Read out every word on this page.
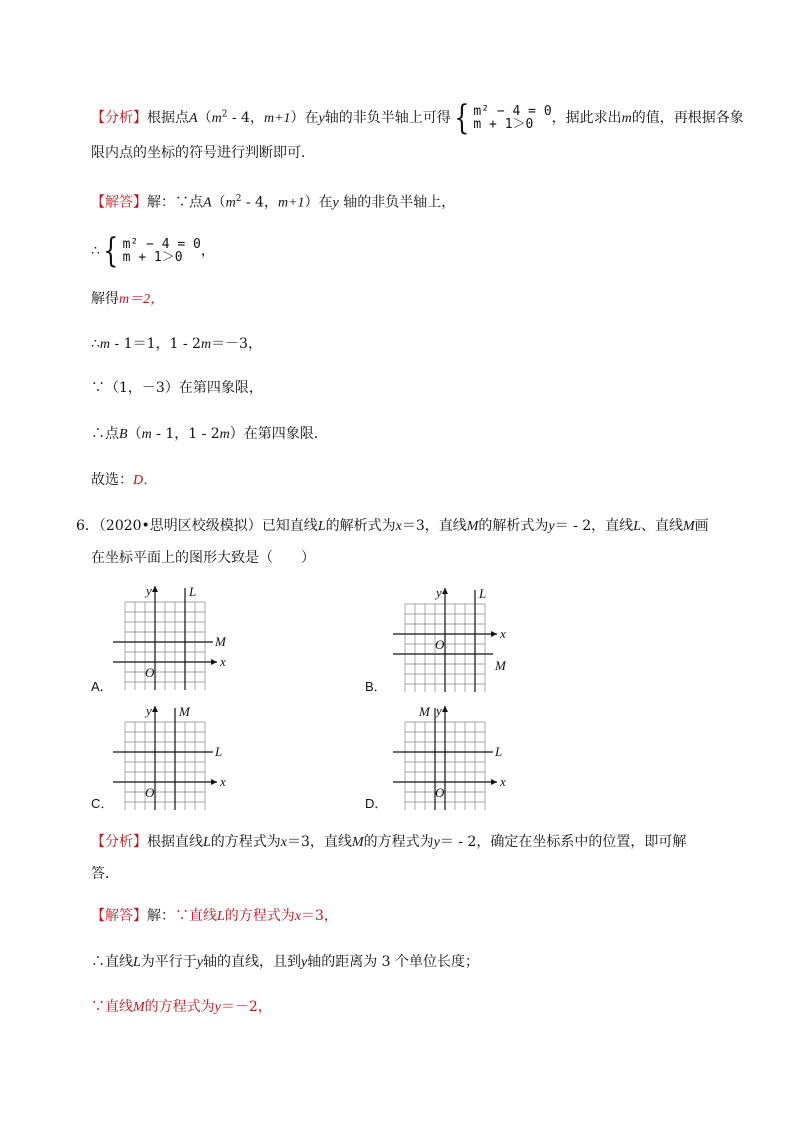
【分析】根据点$A(m^2 - 4$，m+1）在y轴的非负半轴上可得{ m² − 4 = 0
m + 1＞0 ，据此求出m的值，再根据各象
限内点的坐标的符号进行判断即可．
【解答】解：∵点$A(m^2 - 4$，m+1）在y 轴的非负半轴上，
∴{ m² − 4 = 0
m + 1＞0 ，
解得m＝2，
∴m - 1＝1，1 - 2m＝－3，
∵（1，－3）在第四象限，
∴点B（m - 1，1 - 2m）在第四象限．
故选：D．
6．（2020•思明区校级模拟）已知直线L的解析式为x＝3，直线M的解析式为y＝ - 2，直线L、直线M画
在坐标平面上的图形大致是（　　）
x
y
O
L
M
A．
x
y
O
L
M
B．
x
y
O
M
L
C．
x
y
O
M
L
D．
【分析】根据直线L的方程式为x＝3，直线M的方程式为y＝ - 2，确定在坐标系中的位置，即可解
答．
【解答】解：∵直线L的方程式为x＝3，
∴直线L为平行于y轴的直线，且到y轴的距离为 3 个单位长度；
∵直线M的方程式为y＝－2，
